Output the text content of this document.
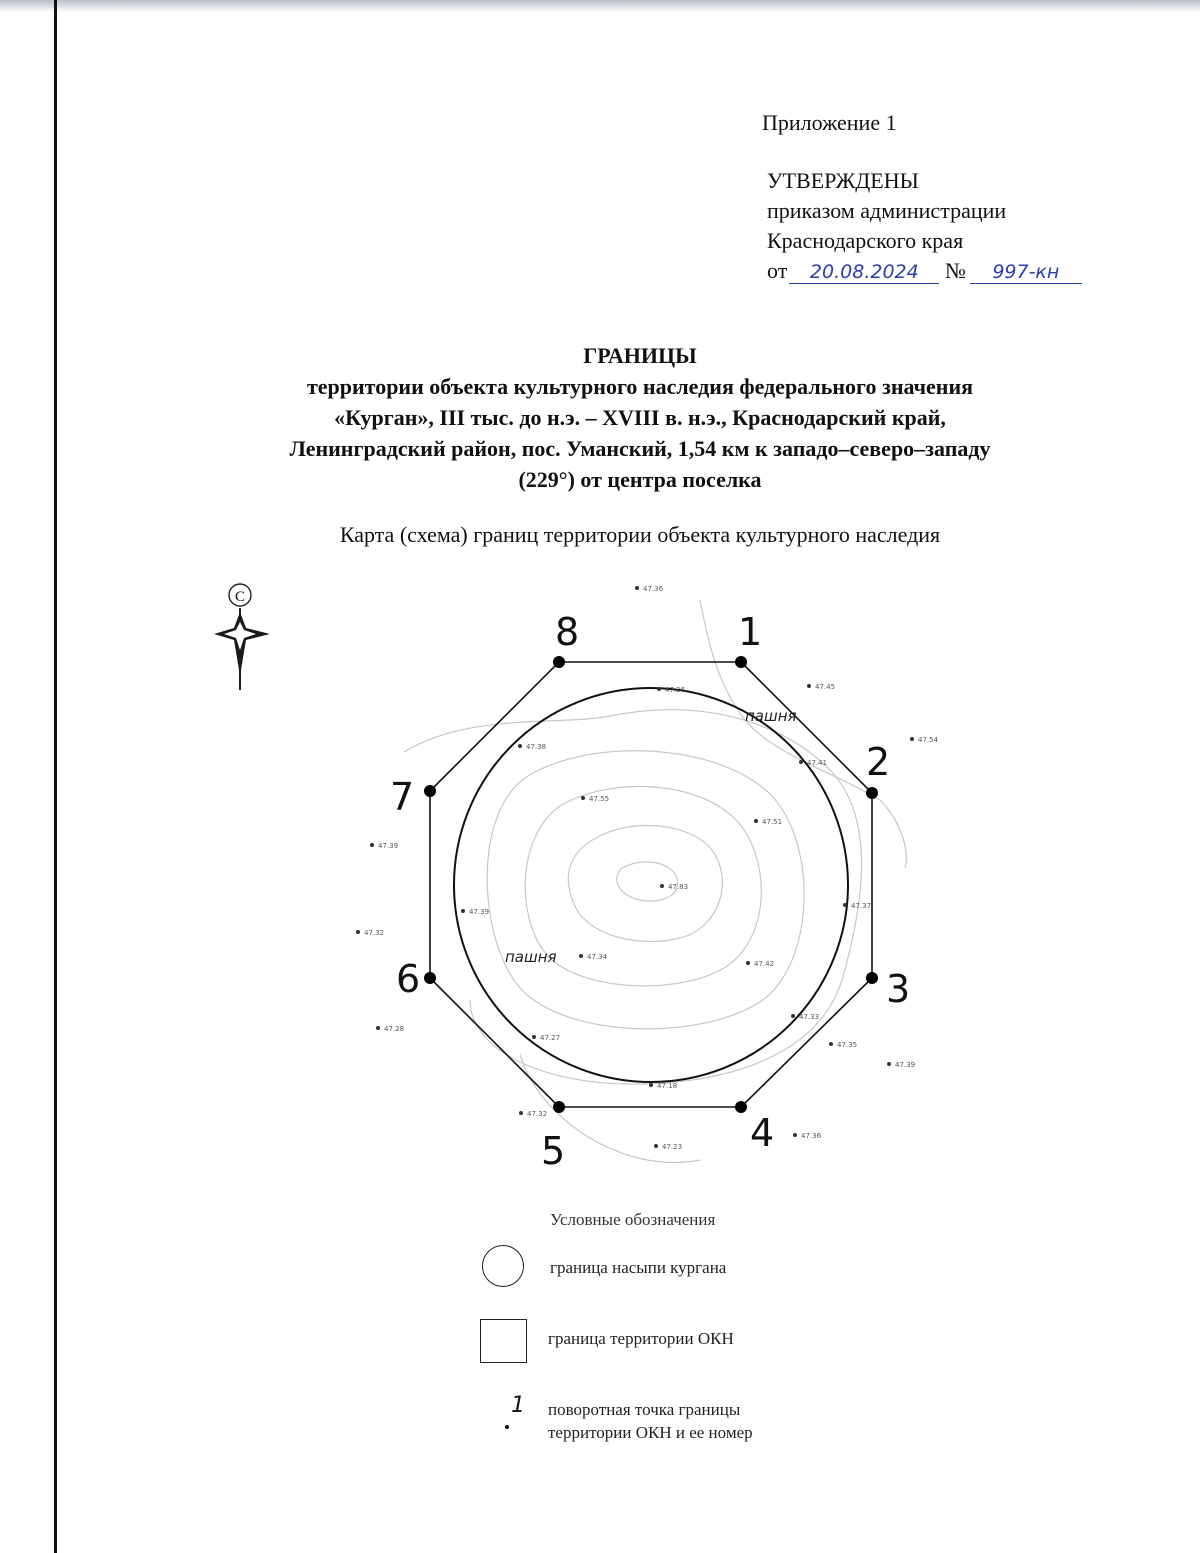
Приложение 1
УТВЕРЖДЕНЫ
приказом администрации
Краснодарского края
от 20.08.2024 № 997-кн
ГРАНИЦЫ
территории объекта культурного наследия федерального значения
«Курган», III тыс. до н.э. – XVIII в. н.э., Краснодарский край,
Ленинградский район, пос. Уманский, 1,54 км к западо–северо–западу
(229°) от центра поселка
Карта (схема) границ территории объекта культурного наследия
С
1
2
3
4
5
6
7
8
пашня
пашня
47.36
47.45
47.54
47.26
47.38
47.41
47.55
47.51
47.37
47.83
47.39
47.32
47.34
47.42
47.39
47.33
47.28
47.27
47.35
47.39
47.18
47.32
47.36
47.23
Условные обозначения
граница насыпи кургана
граница территории ОКН
1 поворотная точка границы
территории ОКН и ее номер
